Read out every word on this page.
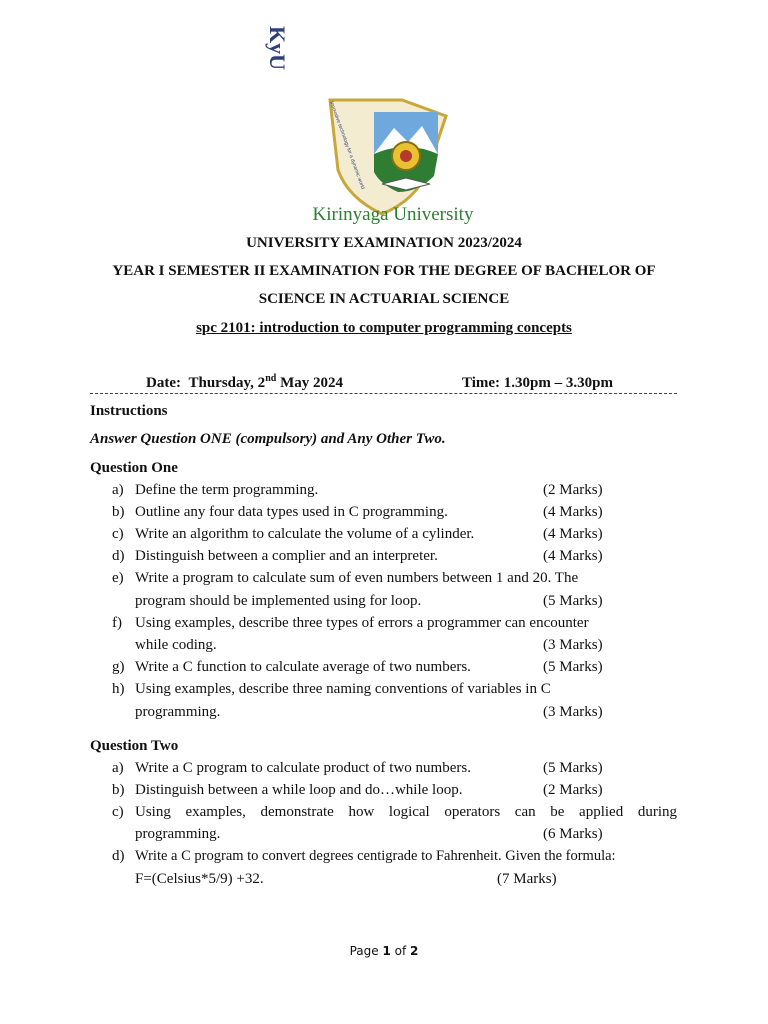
KyU
Innovative technology for a dynamic world
Kirinyaga University
UNIVERSITY EXAMINATION 2023/2024
YEAR I SEMESTER II EXAMINATION FOR THE DEGREE OF BACHELOR OF
SCIENCE IN ACTUARIAL SCIENCE
spc 2101: introduction to computer programming concepts
Date: Thursday, 2nd May 2024	Time: 1.30pm – 3.30pm
Instructions
Answer Question ONE (compulsory) and Any Other Two.
Question One
a) Define the term programming.	(2 Marks)
b) Outline any four data types used in C programming.	(4 Marks)
c) Write an algorithm to calculate the volume of a cylinder.	(4 Marks)
d) Distinguish between a complier and an interpreter.	(4 Marks)
e) Write a program to calculate sum of even numbers between 1 and 20. The
program should be implemented using for loop.	(5 Marks)
f) Using examples, describe three types of errors a programmer can encounter
while coding.	(3 Marks)
g) Write a C function to calculate average of two numbers.	(5 Marks)
h) Using examples, describe three naming conventions of variables in C
programming.	(3 Marks)
Question Two
a) Write a C program to calculate product of two numbers.	(5 Marks)
b) Distinguish between a while loop and do…while loop.	(2 Marks)
c) Using examples, demonstrate how logical operators can be applied during
programming.	(6 Marks)
d) Write a C program to convert degrees centigrade to Fahrenheit. Given the formula:
F=(Celsius*5/9) +32.	(7 Marks)
Page 1 of 2
